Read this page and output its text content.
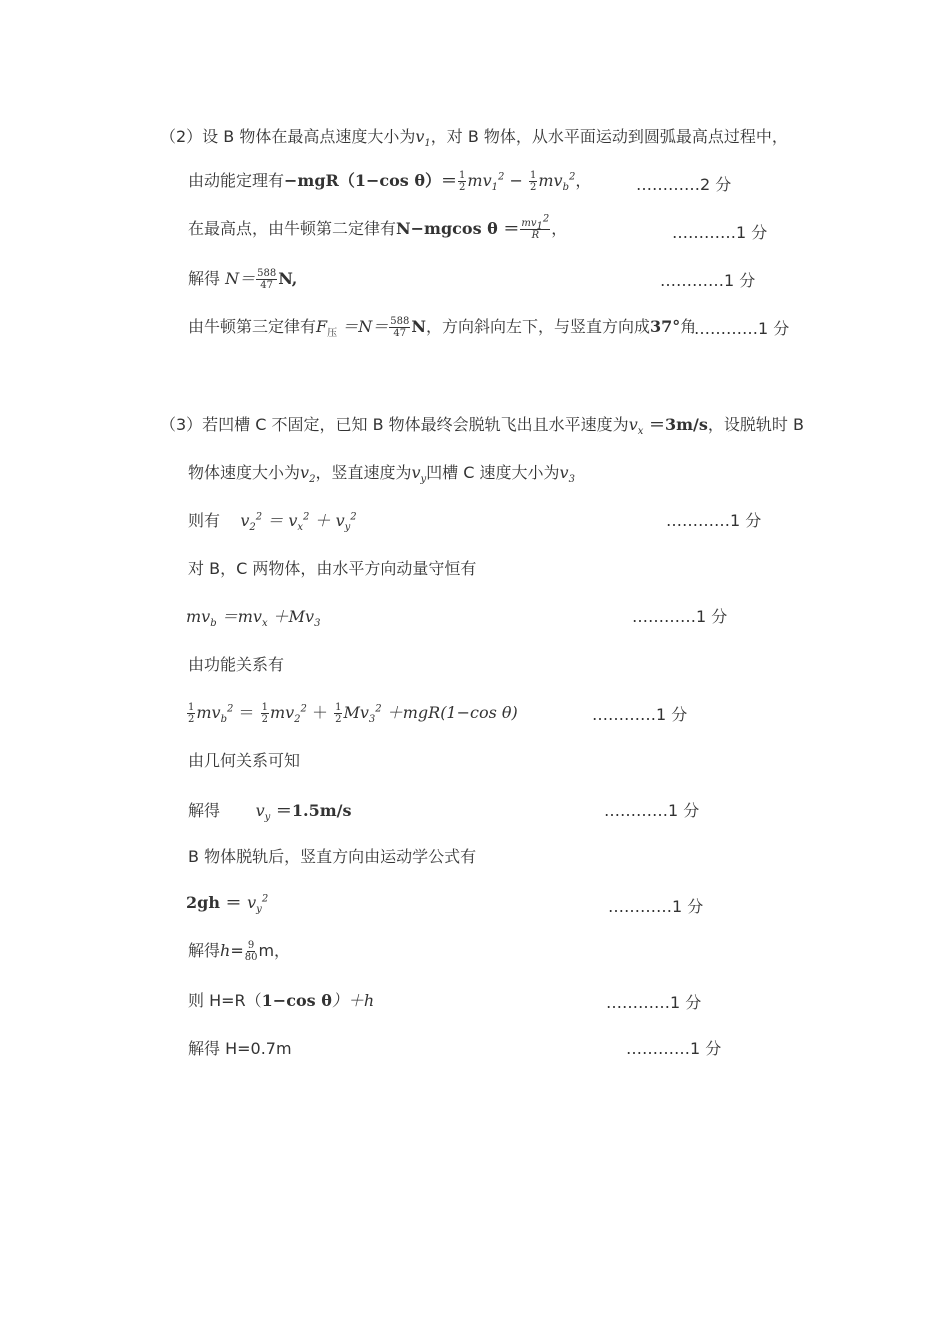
（2）设 B 物体在最高点速度大小为$v_1$，对 B 物体，从水平面运动到圆弧最高点过程中，
由动能定理有−mgR（1−cos $\theta)= \frac{1}{2} mv_1^2 - \frac{1}{2} mv_b^2$，	…………2 分
在最高点，由牛顿第二定律有N−mgcos $\theta = \frac{mv_1^2}{R}$ ，	…………1 分
解得 $N= \frac{588}{47} N$,	…………1 分
由牛顿第三定律有$F_压 =N= \frac{588}{47}$ N，方向斜向左下，与竖直方向成37°角
…………1 分
（3）若凹槽 C 不固定，已知 B 物体最终会脱轨飞出且水平速度为$v_x =3m/s$，设脱轨时 B
物体速度大小为$v_2$，竖直速度为$v_y$凹槽 C 速度大小为$v_3$
则有 $v_2^2 = v_x^2 + v_y^2$	…………1 分
对 B，C 两物体，由水平方向动量守恒有
$mv_b =mv_x +Mv_3$	…………1 分
由功能关系有
$\frac{1}{2} mv_b^2 = \frac{1}{2} mv_2^2 + \frac{1}{2} Mv_3^2 +mgR(1-\cos$ θ)	…………1 分
由几何关系可知
解得 $v_y =1.5m/s$	…………1 分
B 物体脱轨后，竖直方向由运动学公式有
$2gh = v_y^2$	…………1 分
解得$h= \frac{9}{80}$ m，
则 H=R（1−cos θ）＋h	…………1 分
解得 H=0.7m	…………1 分
